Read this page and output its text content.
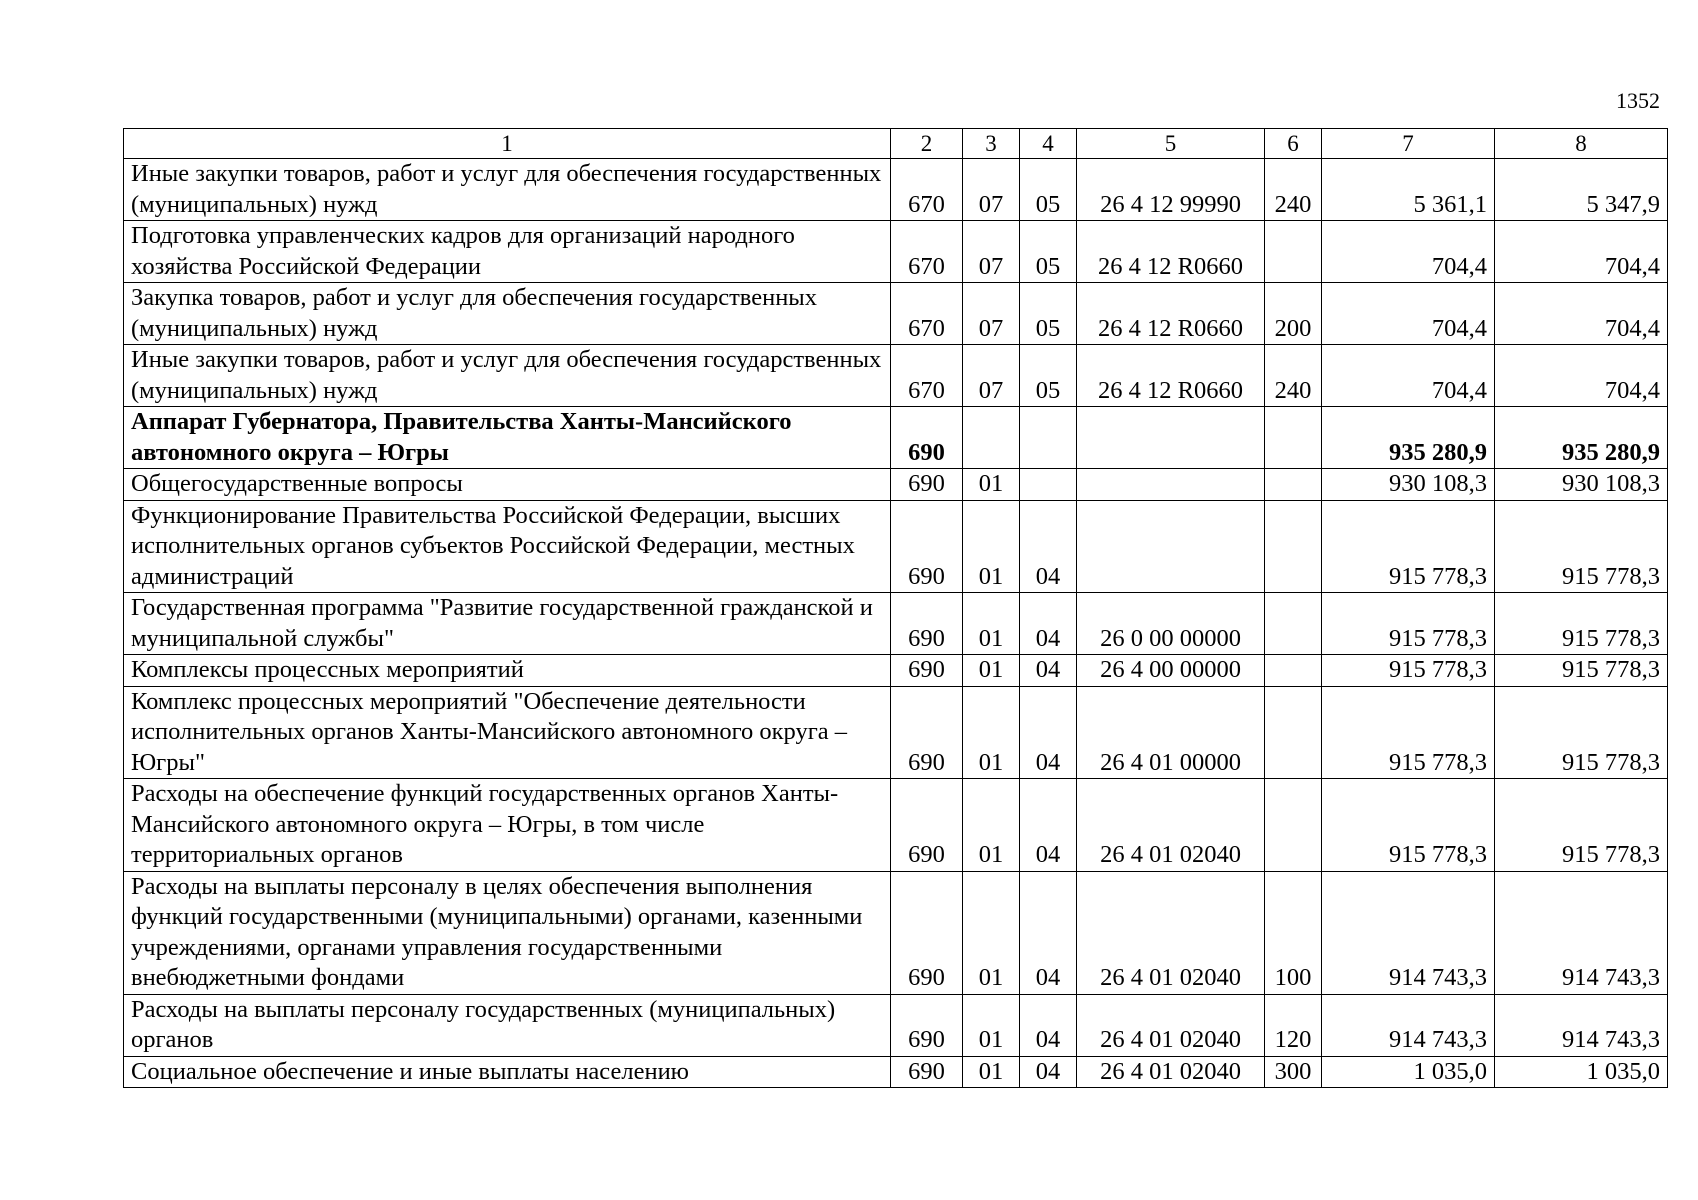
1352
1	2	3	4	5	6	7	8
Иные закупки товаров, работ и услуг для обеспечения государственных (муниципальных) нужд	670	07	05	26 4 12 99990	240	5 361,1	5 347,9
Подготовка управленческих кадров для организаций народного хозяйства Российской Федерации	670	07	05	26 4 12 R0660		704,4	704,4
Закупка товаров, работ и услуг для обеспечения государственных (муниципальных) нужд	670	07	05	26 4 12 R0660	200	704,4	704,4
Иные закупки товаров, работ и услуг для обеспечения государственных (муниципальных) нужд	670	07	05	26 4 12 R0660	240	704,4	704,4
Аппарат Губернатора, Правительства Ханты-Мансийского автономного округа – Югры	690					935 280,9	935 280,9
Общегосударственные вопросы	690	01				930 108,3	930 108,3
Функционирование Правительства Российской Федерации, высших исполнительных органов субъектов Российской Федерации, местных администраций	690	01	04			915 778,3	915 778,3
Государственная программа "Развитие государственной гражданской и муниципальной службы"	690	01	04	26 0 00 00000		915 778,3	915 778,3
Комплексы процессных мероприятий	690	01	04	26 4 00 00000		915 778,3	915 778,3
Комплекс процессных мероприятий "Обеспечение деятельности исполнительных органов Ханты-Мансийского автономного округа – Югры"	690	01	04	26 4 01 00000		915 778,3	915 778,3
Расходы на обеспечение функций государственных органов Ханты-Мансийского автономного округа – Югры, в том числе территориальных органов	690	01	04	26 4 01 02040		915 778,3	915 778,3
Расходы на выплаты персоналу в целях обеспечения выполнения функций государственными (муниципальными) органами, казенными учреждениями, органами управления государственными внебюджетными фондами	690	01	04	26 4 01 02040	100	914 743,3	914 743,3
Расходы на выплаты персоналу государственных (муниципальных) органов	690	01	04	26 4 01 02040	120	914 743,3	914 743,3
Социальное обеспечение и иные выплаты населению	690	01	04	26 4 01 02040	300	1 035,0	1 035,0
